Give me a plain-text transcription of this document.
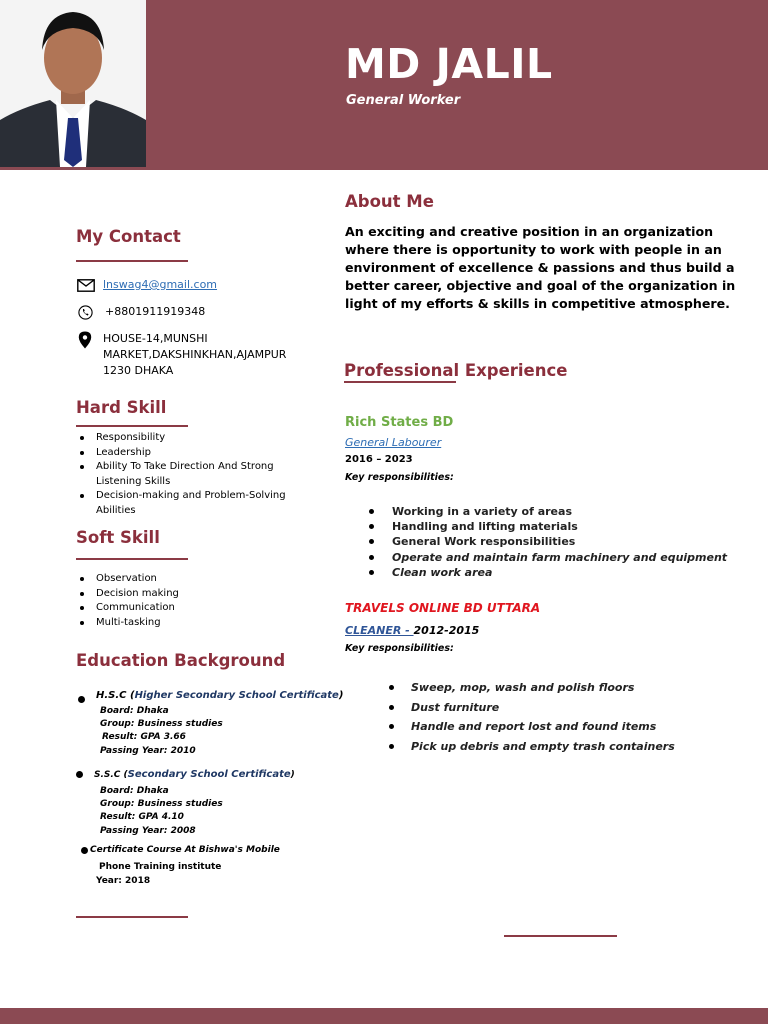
MD JALIL
General Worker
My Contact
lnswag4@gmail.com
+8801911919348
HOUSE-14,MUNSHI
MARKET,DAKSHINKHAN,AJAMPUR
1230 DHAKA
Hard Skill
Responsibility
Leadership
Ability To Take Direction And Strong
Listening Skills
Decision-making and Problem-Solving
Abilities
Soft Skill
Observation
Decision making
Communication
Multi-tasking
Education Background
H.S.C (Higher Secondary School Certificate)
Board: Dhaka
Group: Business studies
Result: GPA 3.66
Passing Year: 2010
S.S.C (Secondary School Certificate)
Board: Dhaka
Group: Business studies
Result: GPA 4.10
Passing Year: 2008
Certificate Course At Bishwa's Mobile
Phone Training institute
Year: 2018
About Me
An exciting and creative position in an organization where there is opportunity to work with people in an environment of excellence & passions and thus build a better career, objective and goal of the organization in light of my efforts & skills in competitive atmosphere.
Professional Experience
Rich States BD
General Labourer
2016 – 2023
Key responsibilities:
Working in a variety of areas
Handling and lifting materials
General Work responsibilities
Operate and maintain farm machinery and equipment
Clean work area
TRAVELS ONLINE BD UTTARA
CLEANER - 2012-2015
Key responsibilities:
Sweep, mop, wash and polish floors
Dust furniture
Handle and report lost and found items
Pick up debris and empty trash containers
